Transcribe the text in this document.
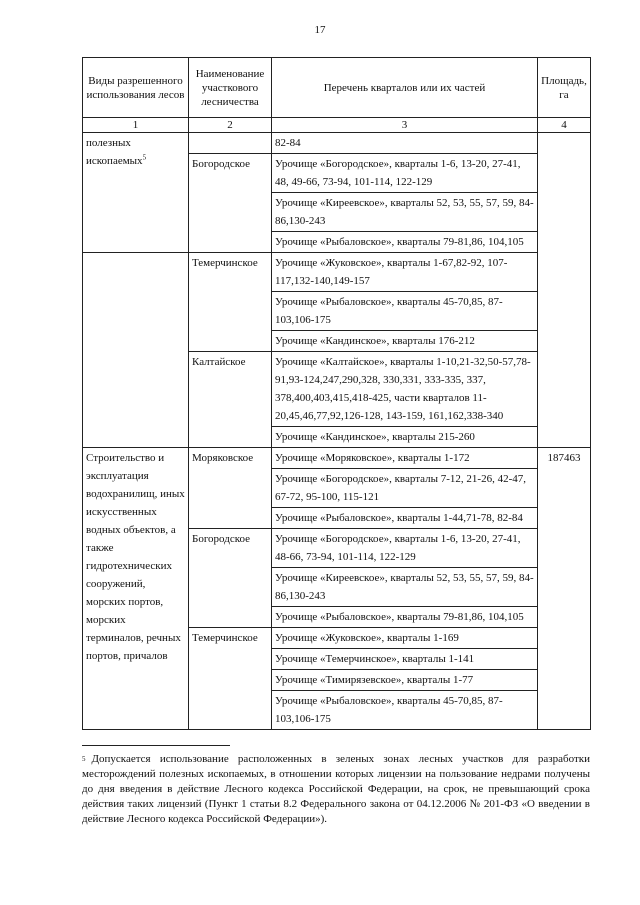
17
Виды разрешенного использования лесов	Наименование участкового лесничества	Перечень кварталов или их частей	Площадь, га
1	2	3	4
полезных ископаемых$^5$		82-84	
	Богородское	Урочище «Богородское», кварталы 1-6, 13-20, 27-41, 48, 49-66, 73-94, 101-114, 122-129	
		Урочище «Киреевское», кварталы 52, 53, 55, 57, 59, 84-86,130-243	
		Урочище «Рыбаловское», кварталы 79-81,86, 104,105	
	Темерчинское	Урочище «Жуковское», кварталы 1-67,82-92, 107-117,132-140,149-157	
		Урочище «Рыбаловское», кварталы 45-70,85, 87-103,106-175	
		Урочище «Кандинское», кварталы 176-212	
	Калтайское	Урочище «Калтайское», кварталы 1-10,21-32,50-57,78-91,93-124,247,290,328, 330,331, 333-335, 337, 378,400,403,415,418-425, части кварталов 11-20,45,46,77,92,126-128, 143-159, 161,162,338-340	
		Урочище «Кандинское», кварталы 215-260	

Строительство и эксплуатация водохранилищ, иных искусственных водных объектов, а также гидротехнических сооружений, морских портов, морских терминалов, речных портов, причалов	Моряковское	Урочище «Моряковское», кварталы 1-172	187463
		Урочище «Богородское», кварталы 7-12, 21-26, 42-47, 67-72, 95-100, 115-121	
		Урочище «Рыбаловское», кварталы 1-44,71-78, 82-84	
	Богородское	Урочище «Богородское», кварталы 1-6, 13-20, 27-41, 48-66, 73-94, 101-114, 122-129	
		Урочище «Киреевское», кварталы 52, 53, 55, 57, 59, 84-86,130-243	
		Урочище «Рыбаловское», кварталы 79-81,86, 104,105	
	Темерчинское	Урочище «Жуковское», кварталы 1-169	
		Урочище «Темерчинское», кварталы 1-141	
		Урочище «Тимирязевское», кварталы 1-77	
		Урочище «Рыбаловское», кварталы 45-70,85, 87-103,106-175	
$^5$ Допускается использование расположенных в зеленых зонах лесных участков для разработки месторождений полезных ископаемых, в отношении которых лицензии на пользование недрами получены до дня введения в действие Лесного кодекса Российской Федерации, на срок, не превышающий срока действия таких лицензий (Пункт 1 статьи 8.2 Федерального закона от 04.12.2006 № 201-ФЗ «О введении в действие Лесного кодекса Российской Федерации»).
